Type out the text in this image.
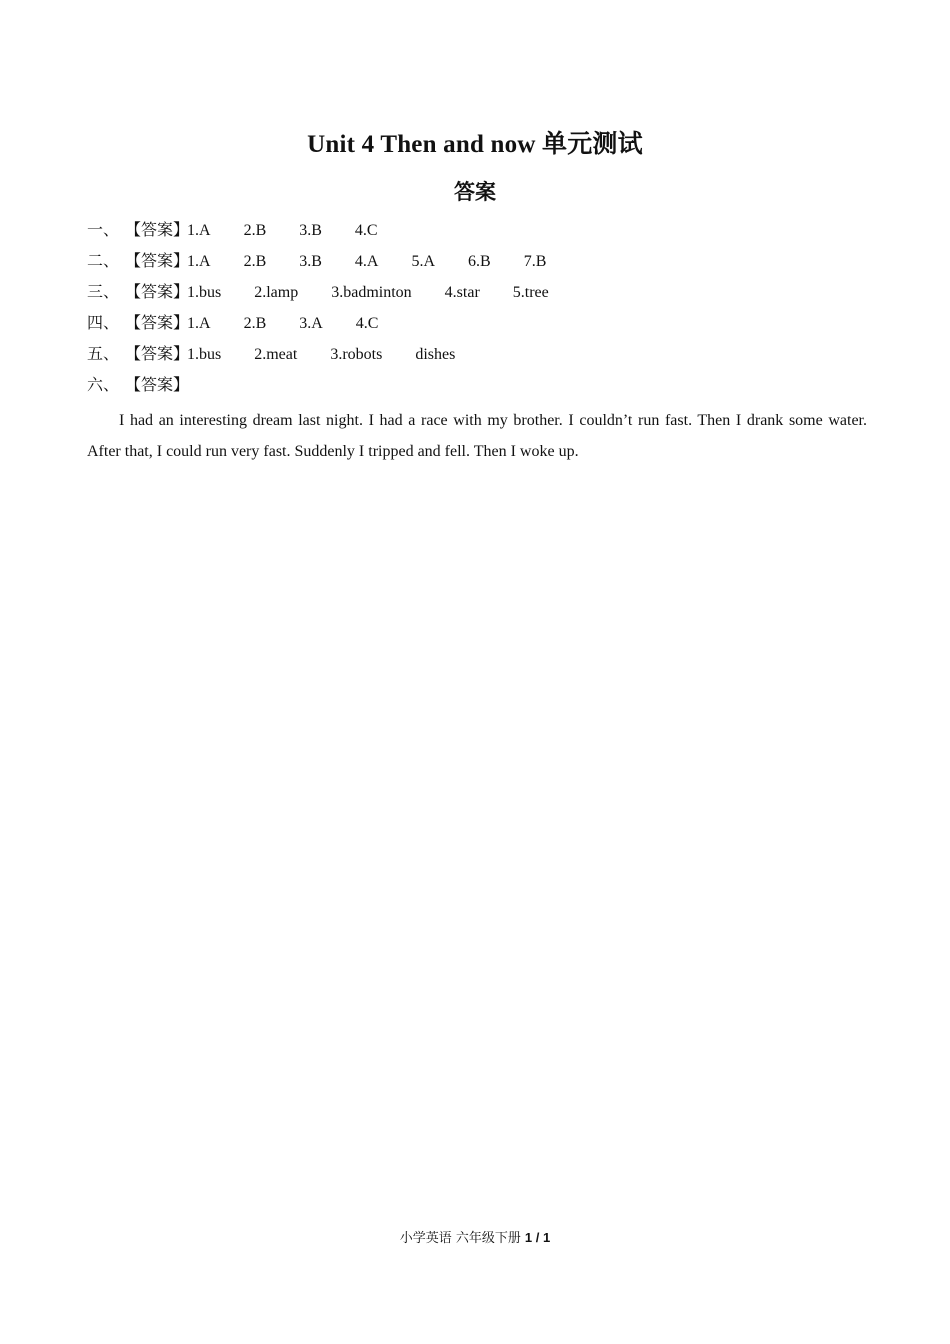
Unit 4 Then and now 单元测试
答案
一、 【答案】1.A 2.B 3.B 4.C
二、 【答案】1.A 2.B 3.B 4.A 5.A 6.B 7.B
三、 【答案】1.bus 2.lamp 3.badminton 4.star 5.tree
四、 【答案】1.A 2.B 3.A 4.C
五、 【答案】1.bus 2.meat 3.robots dishes
六、 【答案】
I had an interesting dream last night. I had a race with my brother. I couldn’t run fast. Then I drank some water. After that, I could run very fast. Suddenly I tripped and fell. Then I woke up.
小学英语 六年级下册 1 / 1
